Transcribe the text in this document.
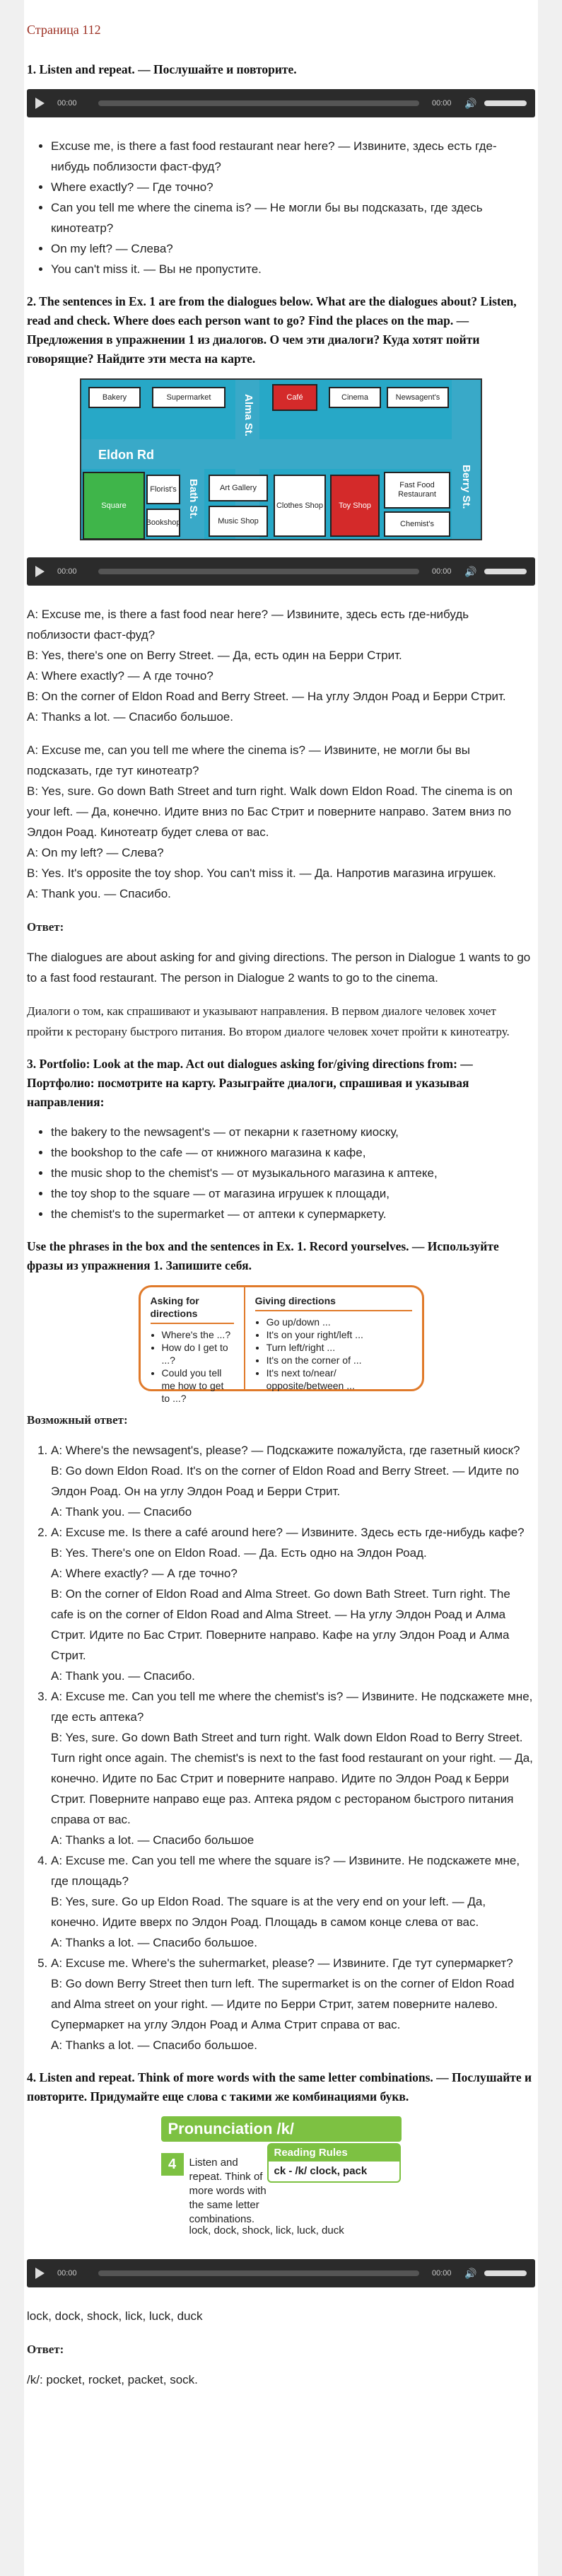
Страница 112
1. Listen and repeat. — Послушайте и повторите.
00:00	00:00	🔊
• Excuse me, is there a fast food restaurant near here? — Извините, здесь есть где-нибудь поблизости фаст-фуд?
• Where exactly? — Где точно?
• Can you tell me where the cinema is? — Не могли бы вы подсказать, где здесь кинотеатр?
• On my left? — Слева?
• You can't miss it. — Вы не пропустите.
2. The sentences in Ex. 1 are from the dialogues below. What are the dialogues about? Listen, read and check. Where does each person want to go? Find the places on the map. — Предложения в упражнении 1 из диалогов. О чем эти диалоги? Куда хотят пойти говорящие? Найдите эти места на карте.
Eldon Rd
Alma St.
Bath St.	Berry St.
Bakery	Supermarket	Café	Cinema	Newsagent's
Square
Florist's
Bookshop
Art Gallery
Music Shop
Clothes Shop	Toy Shop
Fast Food Restaurant
Chemist's
00:00	00:00	🔊

A: Excuse me, is there a fast food near here? — Извините, здесь есть где-нибудь поблизости фаст-фуд?
B: Yes, there's one on Berry Street. — Да, есть один на Берри Стрит.
A: Where exactly? — А где точно?
B: On the corner of Eldon Road and Berry Street. — На углу Элдон Роад и Берри Стрит.
A: Thanks a lot. — Спасибо большое.

A: Excuse me, can you tell me where the cinema is? — Извините, не могли бы вы подсказать, где тут кинотеатр?
B: Yes, sure. Go down Bath Street and turn right. Walk down Eldon Road. The cinema is on your left. — Да, конечно. Идите вниз по Бас Стрит и поверните направо. Затем вниз по Элдон Роад. Кинотеатр будет слева от вас.
A: On my left? — Слева?
B: Yes. It's opposite the toy shop. You can't miss it. — Да. Напротив магазина игрушек.
A: Thank you. — Спасибо.

Ответ:

The dialogues are about asking for and giving directions. The person in Dialogue 1 wants to go to a fast food restaurant. The person in Dialogue 2 wants to go to the cinema.

Диалоги о том, как спрашивают и указывают направления. В первом диалоге человек хочет пройти к ресторану быстрого питания. Во втором диалоге человек хочет пройти к кинотеатру.

3. Portfolio: Look at the map. Act out dialogues asking for/giving directions from: — Портфолио: посмотрите на карту. Разыграйте диалоги, спрашивая и указывая направления:
• the bakery to the newsagent's — от пекарни к газетному киоску,
• the bookshop to the cafe — от книжного магазина к кафе,
• the music shop to the chemist's — от музыкального магазина к аптеке,
• the toy shop to the square — от магазина игрушек к площади,
• the chemist's to the supermarket — от аптеки к супермаркету.
Use the phrases in the box and the sentences in Ex. 1. Record yourselves. — Используйте фразы из упражнения 1. Запишите себя.
Asking for directions
• Where's the ...?
• How do I get to ...?
• Could you tell me how to get to ...?
Giving directions
• Go up/down ...
• It's on your right/left ...
• Turn left/right ...
• It's on the corner of ...
• It's next to/near/ opposite/between ...
Возможный ответ:
1. A: Where's the newsagent's, please? — Подскажите пожалуйста, где газетный киоск?
B: Go down Eldon Road. It's on the corner of Eldon Road and Berry Street. — Идите по Элдон Роад. Он на углу Элдон Роад и Берри Стрит.
A: Thank you. — Спасибо
2. A: Excuse me. Is there a café around here? — Извините. Здесь есть где-нибудь кафе?
B: Yes. There's one on Eldon Road. — Да. Есть одно на Элдон Роад.
A: Where exactly? — А где точно?
B: On the corner of Eldon Road and Alma Street. Go down Bath Street. Turn right. The cafe is on the corner of Eldon Road and Alma Street. — На углу Элдон Роад и Алма Стрит. Идите по Бас Стрит. Поверните направо. Кафе на углу Элдон Роад и Алма Стрит.
A: Thank you. — Спасибо.
3. A: Excuse me. Can you tell me where the chemist's is? — Извините. Не подскажете мне, где есть аптека?
B: Yes, sure. Go down Bath Street and turn right. Walk down Eldon Road to Berry Street. Turn right once again. The chemist's is next to the fast food restaurant on your right. — Да, конечно. Идите по Бас Стрит и поверните направо. Идите по Элдон Роад к Берри Стрит. Поверните направо еще раз. Аптека рядом с рестораном быстрого питания справа от вас.
A: Thanks a lot. — Спасибо большое
4. A: Excuse me. Can you tell me where the square is? — Извините. Не подскажете мне, где площадь?
B: Yes, sure. Go up Eldon Road. The square is at the very end on your left. — Да, конечно. Идите вверх по Элдон Роад. Площадь в самом конце слева от вас.
A: Thanks a lot. — Спасибо большое.
5. A: Excuse me. Where's the suhermarket, please? — Извините. Где тут супермаркет?
B: Go down Berry Street then turn left. The supermarket is on the corner of Eldon Road and Alma street on your right. — Идите по Берри Стрит, затем поверните налево. Супермаркет на углу Элдон Роад и Алма Стрит справа от вас.
A: Thanks a lot. — Спасибо большое.
4. Listen and repeat. Think of more words with the same letter combinations. — Послушайте и повторите. Придумайте еще слова с такими же комбинациями букв.
Pronunciation /k/
4
Reading Rules
ck - /k/ clock, pack
Listen and repeat. Think of more words with the same letter combinations.
lock, dock, shock, lick, luck, duck
00:00	00:00	🔊

lock, dock, shock, lick, luck, duck

Ответ:

/k/: pocket, rocket, packet, sock.
